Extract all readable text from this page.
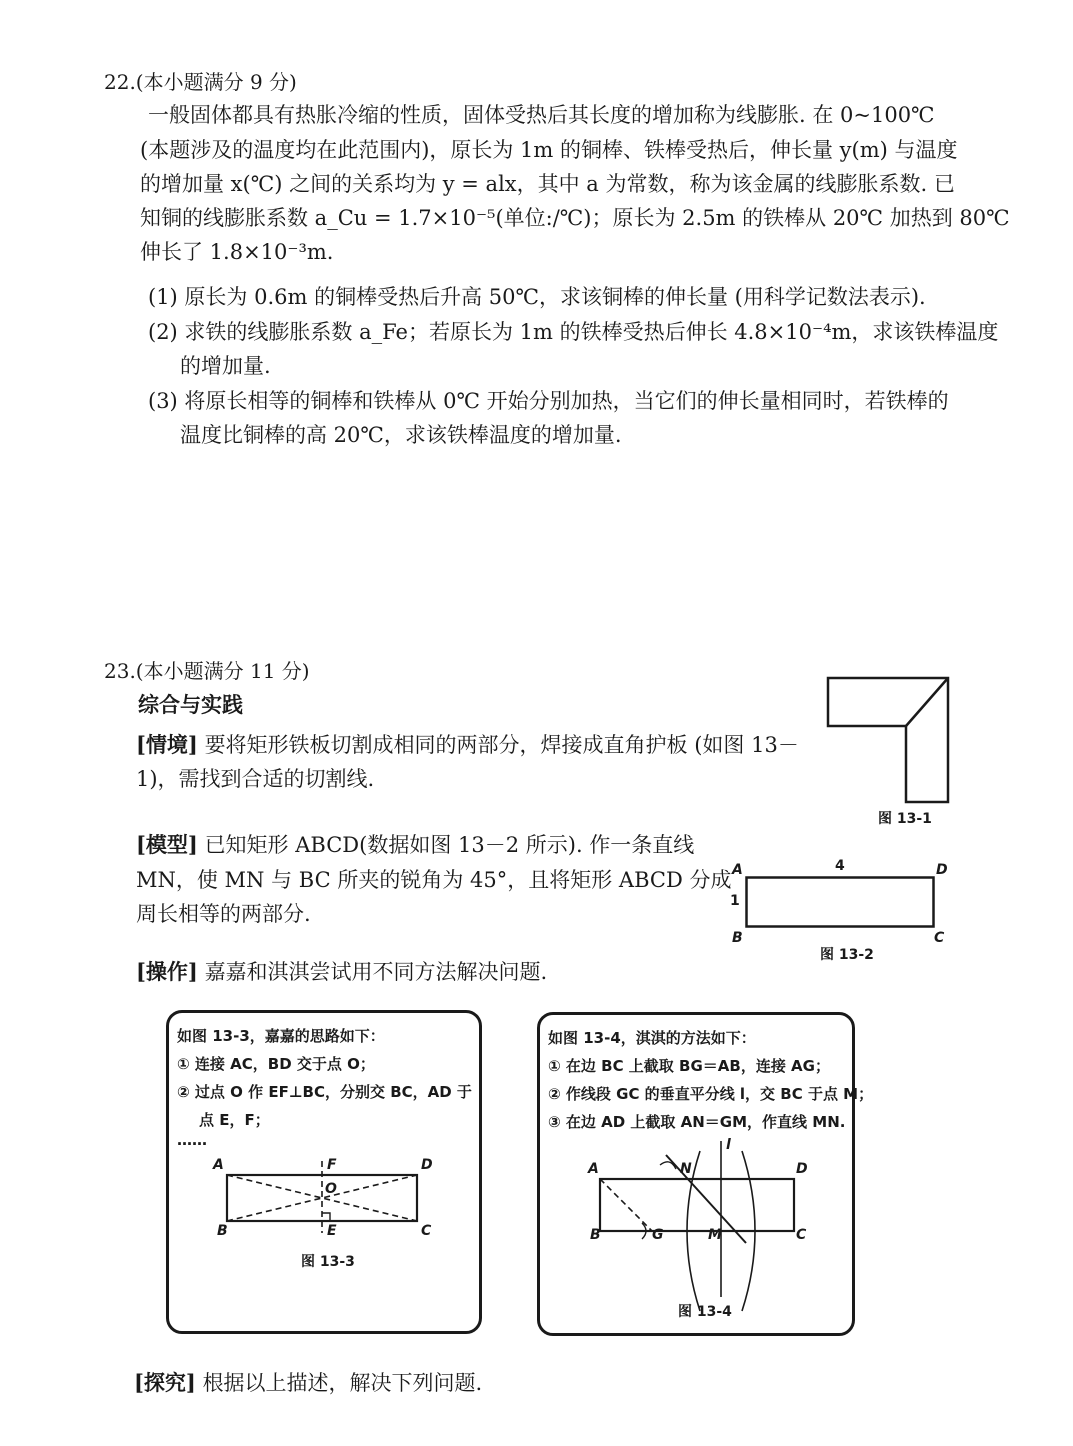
22.(本小题满分 9 分)
一般固体都具有热胀冷缩的性质，固体受热后其长度的增加称为线膨胀. 在 0~100℃
(本题涉及的温度均在此范围内)，原长为 1m 的铜棒、铁棒受热后，伸长量 y(m) 与温度
的增加量 x(℃) 之间的关系均为 y = alx，其中 a 为常数，称为该金属的线膨胀系数. 已
知铜的线膨胀系数 a_Cu = 1.7×10⁻⁵(单位:/℃)；原长为 2.5m 的铁棒从 20℃ 加热到 80℃
伸长了 1.8×10⁻³m.
(1) 原长为 0.6m 的铜棒受热后升高 50℃，求该铜棒的伸长量 (用科学记数法表示).
(2) 求铁的线膨胀系数 a_Fe；若原长为 1m 的铁棒受热后伸长 4.8×10⁻⁴m，求该铁棒温度
的增加量.
(3) 将原长相等的铜棒和铁棒从 0℃ 开始分别加热，当它们的伸长量相同时，若铁棒的
温度比铜棒的高 20℃，求该铁棒温度的增加量.
23.(本小题满分 11 分)
综合与实践
[情境] 要将矩形铁板切割成相同的两部分，焊接成直角护板 (如图 13－
1)，需找到合适的切割线.
图 13-1
[模型] 已知矩形 ABCD(数据如图 13－2 所示). 作一条直线
MN，使 MN 与 BC 所夹的锐角为 45°，且将矩形 ABCD 分成
周长相等的两部分.
A	4	D
1
B	C
图 13-2
[操作] 嘉嘉和淇淇尝试用不同方法解决问题.
如图 13-3，嘉嘉的思路如下：
① 连接 AC，BD 交于点 O；
② 过点 O 作 EF⊥BC，分别交 BC，AD 于
点 E，F；
……
A	F	D
O
B	E	C
图 13-3
如图 13-4，淇淇的方法如下：
① 在边 BC 上截取 BG＝AB，连接 AG；
② 作线段 GC 的垂直平分线 l，交 BC 于点 M；
③ 在边 AD 上截取 AN＝GM，作直线 MN.
A	N
l
D
B	G	M	C
图 13-4
[探究] 根据以上描述，解决下列问题.
